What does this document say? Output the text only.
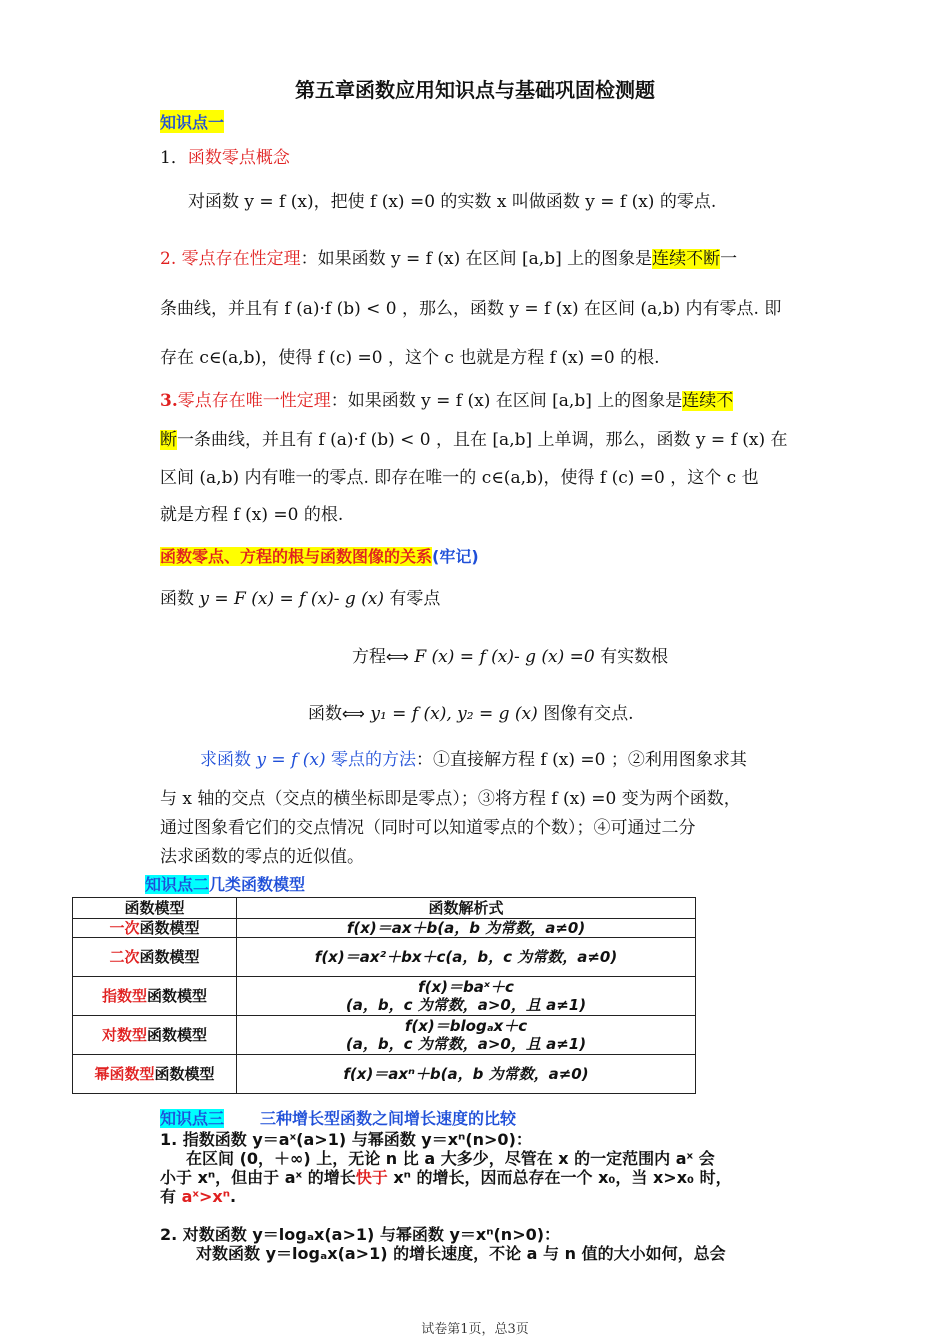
第五章函数应用知识点与基础巩固检测题
知识点一
1．函数零点概念
对函数 y = f (x)，把使 f (x) =0 的实数 x 叫做函数 y = f (x) 的零点.
2. 零点存在性定理：如果函数 y = f (x) 在区间 [a,b] 上的图象是连续不断一
条曲线，并且有 f (a)·f (b) < 0 ，那么，函数 y = f (x) 在区间 (a,b) 内有零点. 即
存在 c∈(a,b)，使得 f (c) =0 ，这个 c 也就是方程 f (x) =0 的根.
3.零点存在唯一性定理：如果函数 y = f (x) 在区间 [a,b] 上的图象是连续不
断一条曲线，并且有 f (a)·f (b) < 0 ，且在 [a,b] 上单调，那么，函数 y = f (x) 在
区间 (a,b) 内有唯一的零点. 即存在唯一的 c∈(a,b)，使得 f (c) =0 ，这个 c 也
就是方程 f (x) =0 的根.
函数零点、方程的根与函数图像的关系(牢记)
函数 y = F (x) = f (x)- g (x) 有零点
方程⟺ F (x) = f (x)- g (x) =0 有实数根
函数⟺ y₁ = f (x), y₂ = g (x) 图像有交点.
求函数 y = f (x) 零点的方法：①直接解方程 f (x) =0 ；②利用图象求其
与 x 轴的交点（交点的横坐标即是零点）；③将方程 f (x) =0 变为两个函数，
通过图象看它们的交点情况（同时可以知道零点的个数）；④可通过二分
法求函数的零点的近似值。
知识点二几类函数模型
函数模型	函数解析式
一次函数模型	f(x)＝ax＋b(a，b 为常数，a≠0)
二次函数模型	f(x)＝ax²＋bx＋c(a，b，c 为常数，a≠0)
指数型函数模型	f(x)＝baˣ＋c
(a，b，c 为常数，a>0，且 a≠1)

对数型函数模型	f(x)＝blogₐx＋c
(a，b，c 为常数，a>0，且 a≠1)

幂函数型函数模型	f(x)＝axⁿ＋b(a，b 为常数，a≠0)
知识点三 三种增长型函数之间增长速度的比较
1. 指数函数 y＝aˣ(a>1) 与幂函数 y＝xⁿ(n>0)：
在区间 (0，＋∞) 上，无论 n 比 a 大多少，尽管在 x 的一定范围内 aˣ 会
小于 xⁿ，但由于 aˣ 的增长快于 xⁿ 的增长，因而总存在一个 x₀，当 x>x₀ 时，
有 aˣ>xⁿ.
2. 对数函数 y＝logₐx(a>1) 与幂函数 y＝xⁿ(n>0)：
对数函数 y＝logₐx(a>1) 的增长速度，不论 a 与 n 值的大小如何，总会
试卷第1页，总3页
